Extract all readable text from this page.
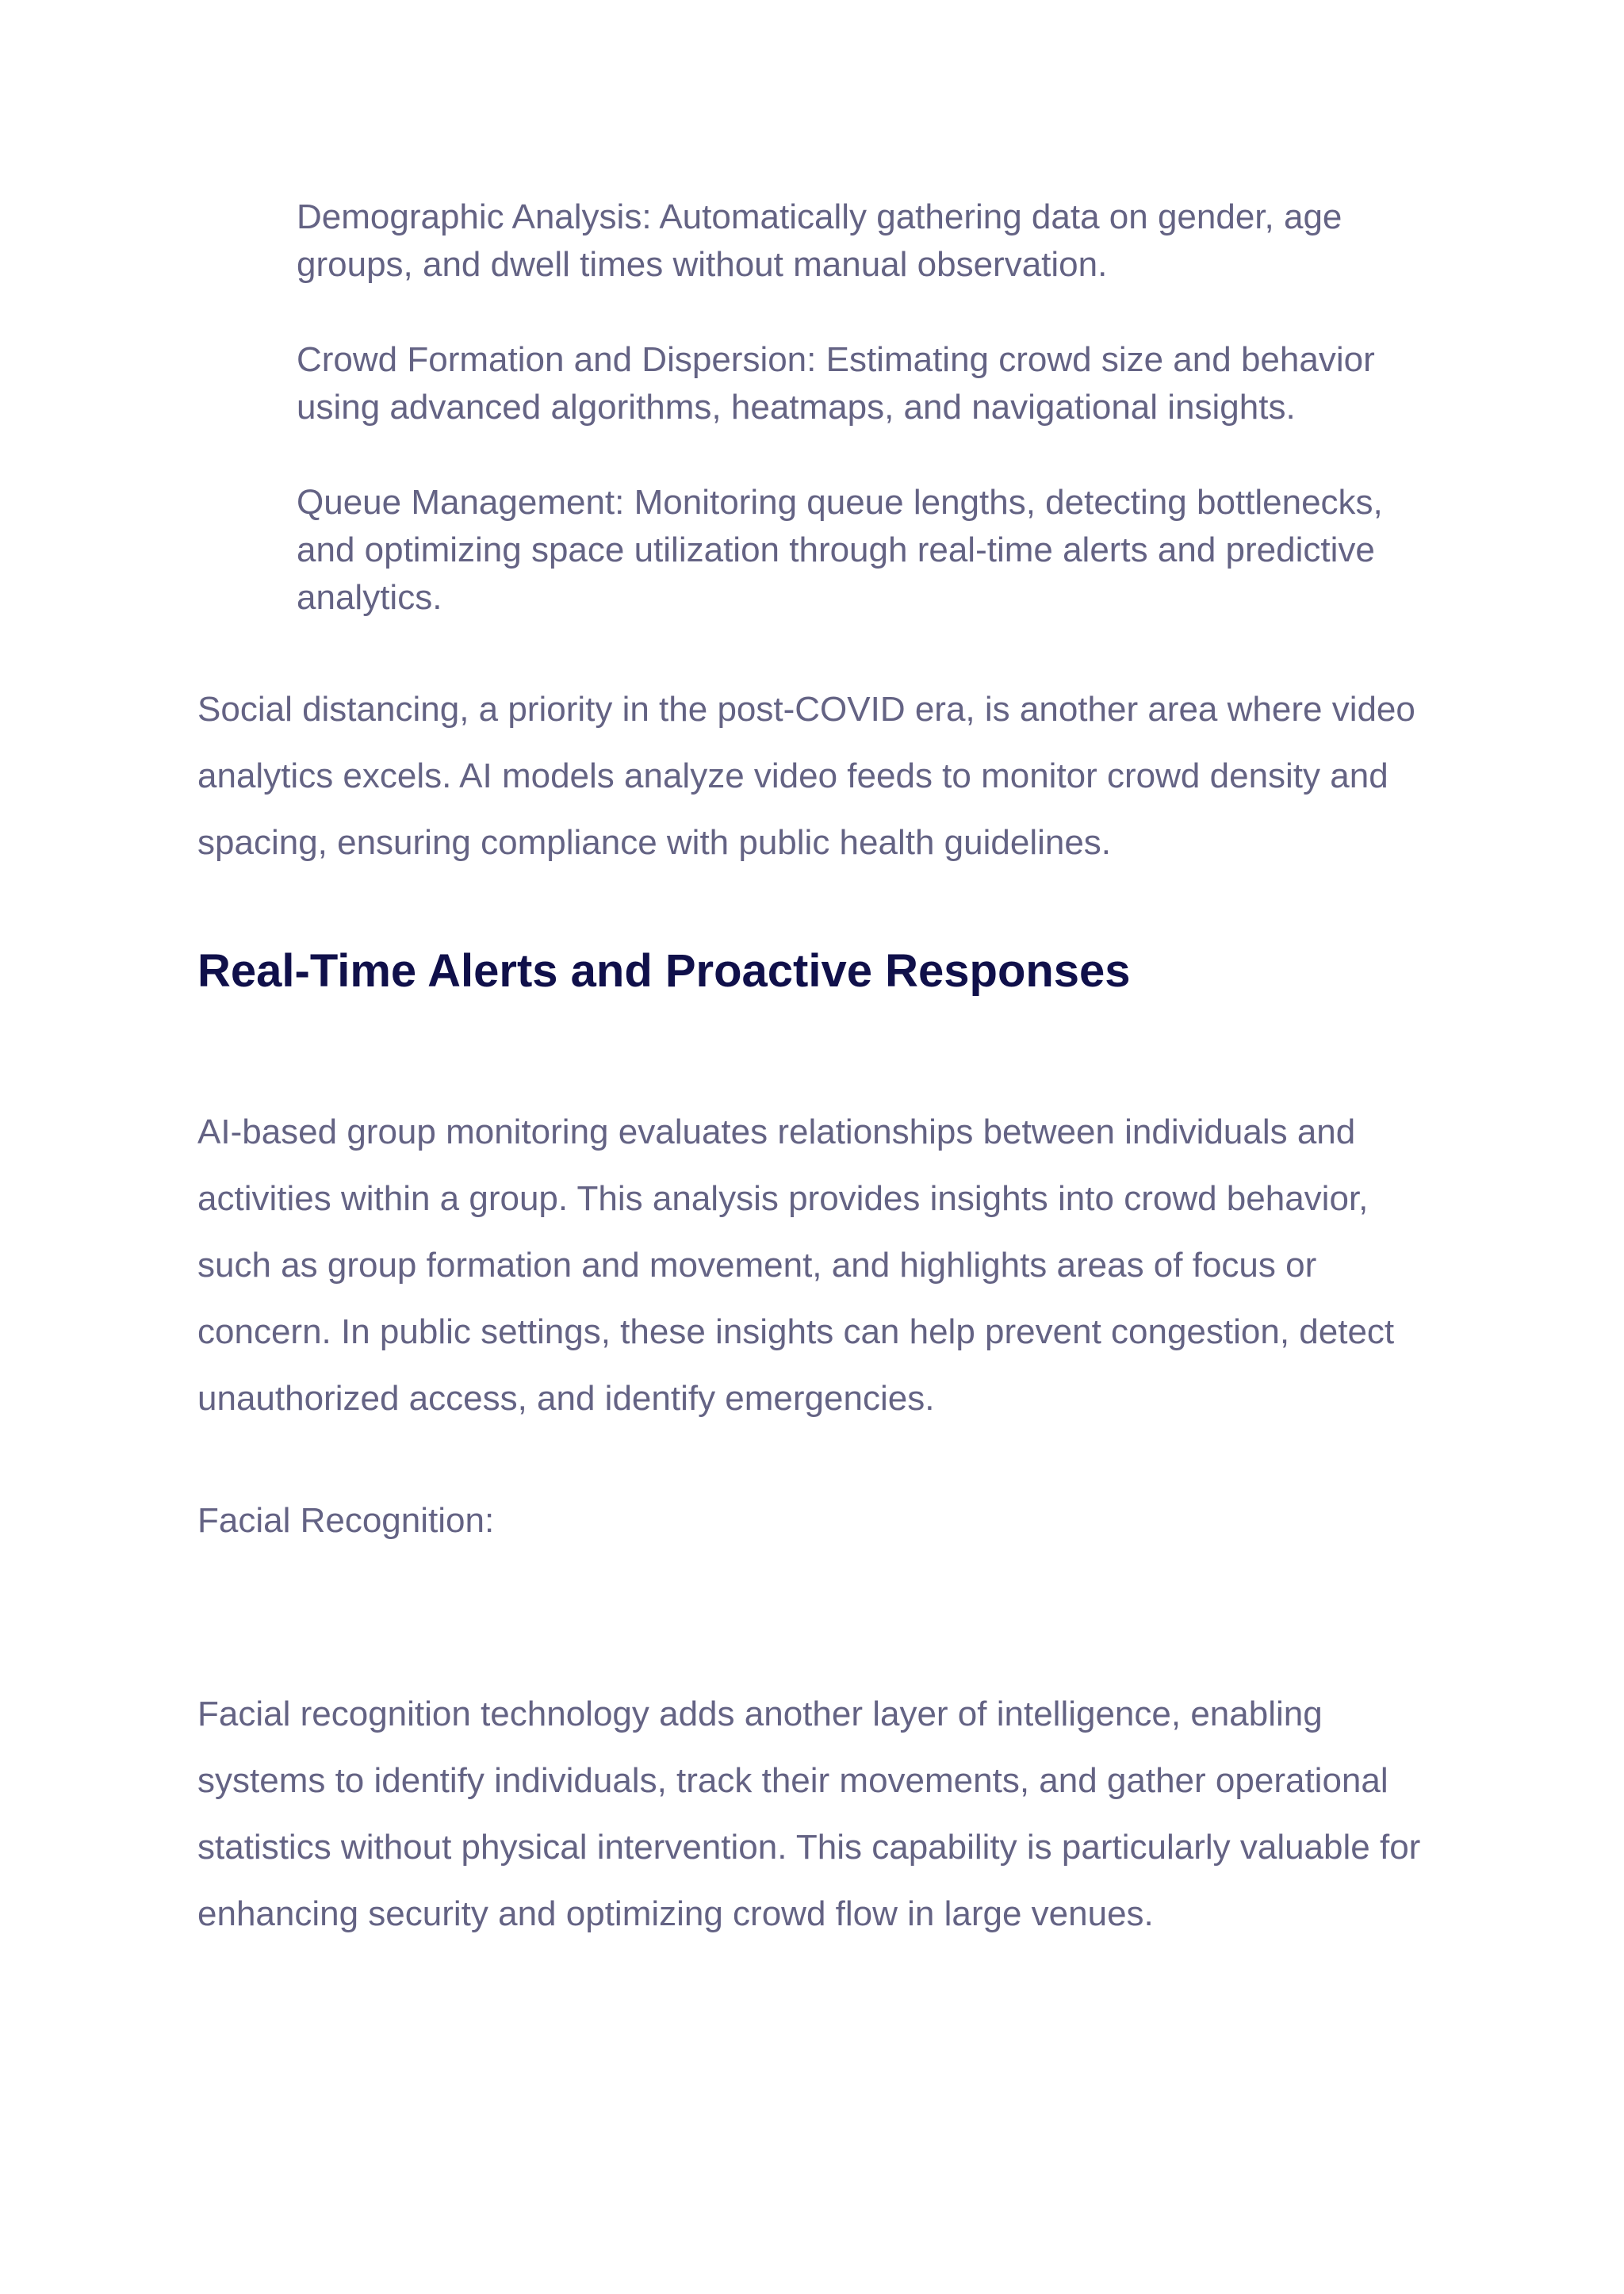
Demographic Analysis: Automatically gathering data on gender, age groups, and dwell times without manual observation.

Crowd Formation and Dispersion: Estimating crowd size and behavior using advanced algorithms, heatmaps, and navigational insights.

Queue Management: Monitoring queue lengths, detecting bottlenecks, and optimizing space utilization through real-time alerts and predictive analytics.

Social distancing, a priority in the post-COVID era, is another area where video analytics excels. AI models analyze video feeds to monitor crowd density and spacing, ensuring compliance with public health guidelines.

Real-Time Alerts and Proactive Responses

AI-based group monitoring evaluates relationships between individuals and activities within a group. This analysis provides insights into crowd behavior, such as group formation and movement, and highlights areas of focus or concern. In public settings, these insights can help prevent congestion, detect unauthorized access, and identify emergencies.

Facial Recognition:

Facial recognition technology adds another layer of intelligence, enabling systems to identify individuals, track their movements, and gather operational statistics without physical intervention. This capability is particularly valuable for enhancing security and optimizing crowd flow in large venues.
